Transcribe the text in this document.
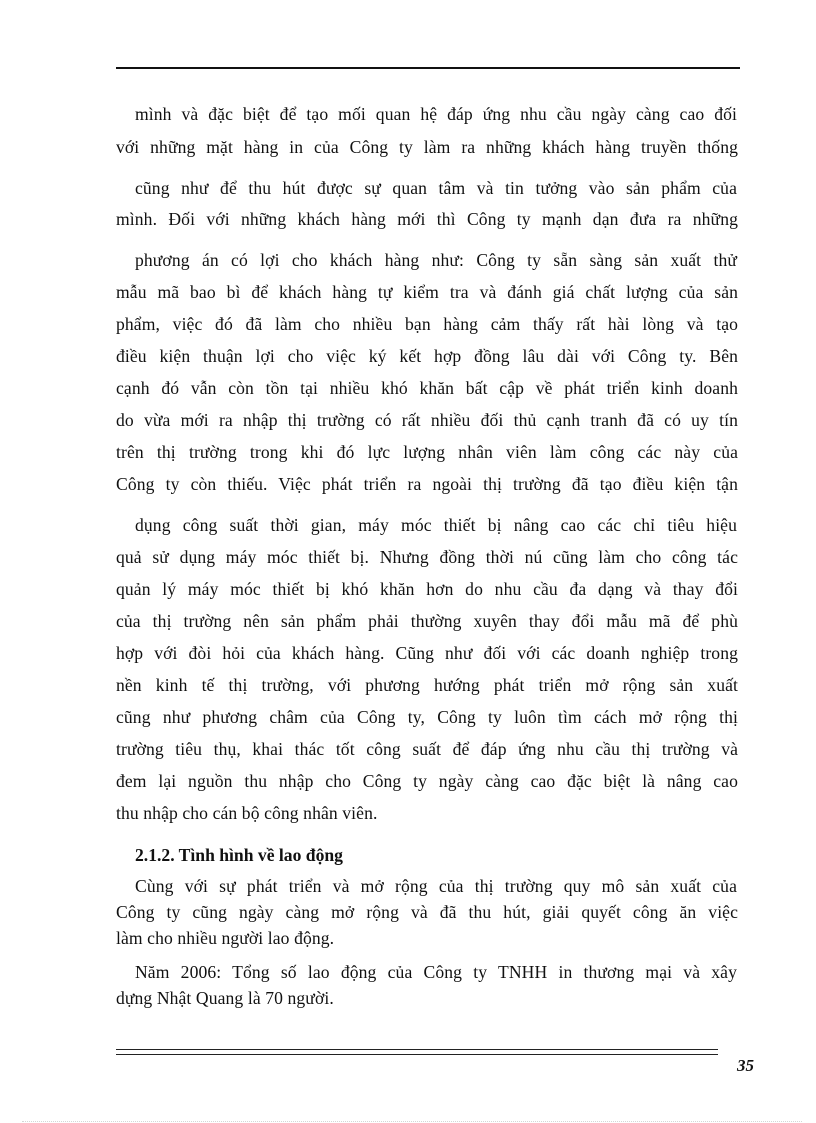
mình và đặc biệt để tạo mối quan hệ đáp ứng nhu cầu ngày càng cao đối
với những mặt hàng in của Công ty làm ra những khách hàng truyền thống
cũng như để thu hút được sự quan tâm và tin tưởng vào sản phẩm của
mình. Đối với những khách hàng mới thì Công ty mạnh dạn đưa ra những
phương án có lợi cho khách hàng như: Công ty sẵn sàng sản xuất thử
mẫu mã bao bì để khách hàng tự kiểm tra và đánh giá chất lượng của sản
phẩm, việc đó đã làm cho nhiều bạn hàng cảm thấy rất hài lòng và tạo
điều kiện thuận lợi cho việc ký kết hợp đồng lâu dài với Công ty. Bên
cạnh đó vẫn còn tồn tại nhiều khó khăn bất cập về phát triển kinh doanh
do vừa mới ra nhập thị trường có rất nhiều đối thủ cạnh tranh đã có uy tín
trên thị trường trong khi đó lực lượng nhân viên làm công các này của
Công ty còn thiếu. Việc phát triển ra ngoài thị trường đã tạo điều kiện tận
dụng công suất thời gian, máy móc thiết bị nâng cao các chỉ tiêu hiệu
quả sử dụng máy móc thiết bị. Nhưng đồng thời nú cũng làm cho công tác
quản lý máy móc thiết bị khó khăn hơn do nhu cầu đa dạng và thay đổi
của thị trường nên sản phẩm phải thường xuyên thay đổi mẫu mã để phù
hợp với đòi hỏi của khách hàng. Cũng như đối với các doanh nghiệp trong
nền kinh tế thị trường, với phương hướng phát triển mở rộng sản xuất
cũng như phương châm của Công ty, Công ty luôn tìm cách mở rộng thị
trường tiêu thụ, khai thác tốt công suất để đáp ứng nhu cầu thị trường và
đem lại nguồn thu nhập cho Công ty ngày càng cao đặc biệt là nâng cao
thu nhập cho cán bộ công nhân viên.
2.1.2. Tình hình về lao động
Cùng với sự phát triển và mở rộng của thị trường quy mô sản xuất của
Công ty cũng ngày càng mở rộng và đã thu hút, giải quyết công ăn việc
làm cho nhiều người lao động.
Năm 2006: Tổng số lao động của Công ty TNHH in thương mại và xây
dựng Nhật Quang là 70 người.
35
